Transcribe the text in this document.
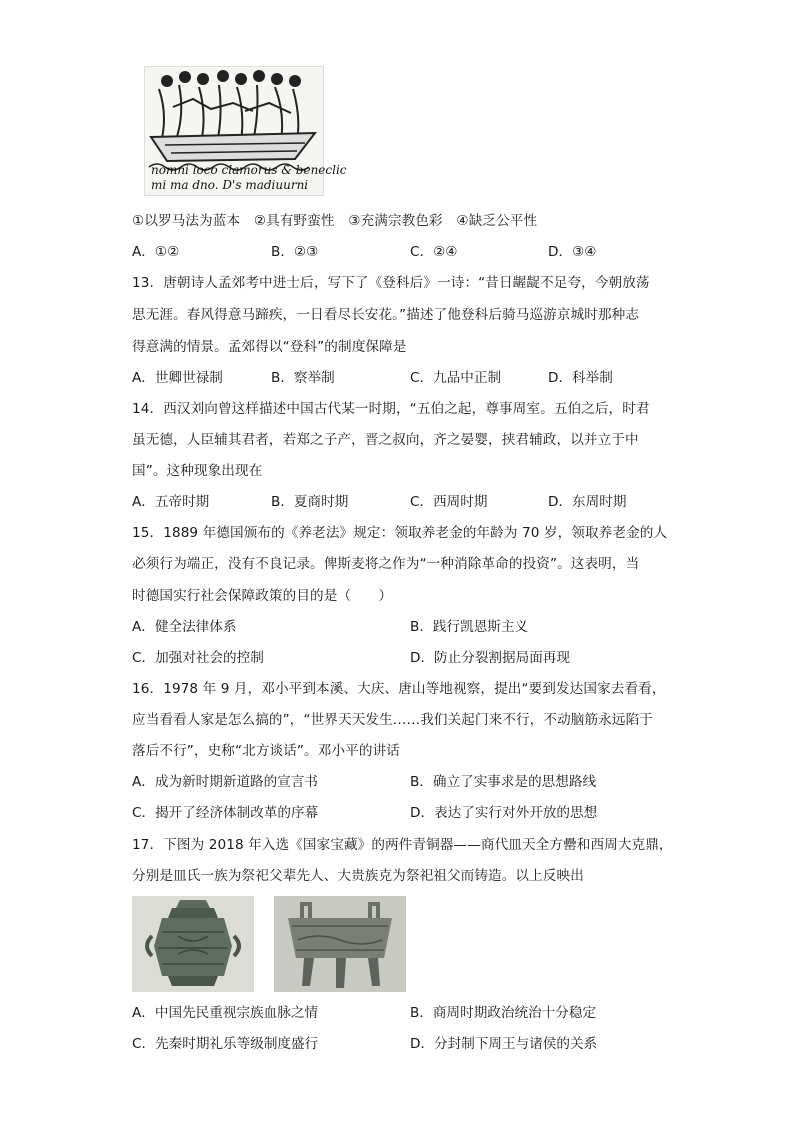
nomni loco clamorus & beneclic
mi ma dno. D's madiuurni
①以罗马法为蓝本　②具有野蛮性　③充满宗教色彩　④缺乏公平性
A．①②	B．②③	C．②④	D．③④
13．唐朝诗人孟郊考中进士后，写下了《登科后》一诗：“昔日龌龊不足夸，今朝放荡
思无涯。春风得意马蹄疾，一日看尽长安花。”描述了他登科后骑马巡游京城时那种志
得意满的情景。孟郊得以“登科”的制度保障是
A．世卿世禄制	B．察举制	C．九品中正制	D．科举制
14．西汉刘向曾这样描述中国古代某一时期，“五伯之起，尊事周室。五伯之后，时君
虽无德，人臣辅其君者，若郑之子产，晋之叔向，齐之晏婴，挟君辅政，以并立于中
国”。这种现象出现在
A．五帝时期	B．夏商时期	C．西周时期	D．东周时期
15．1889 年德国颁布的《养老法》规定：领取养老金的年龄为 70 岁，领取养老金的人
必须行为端正，没有不良记录。俾斯麦将之作为“一种消除革命的投资”。这表明，当
时德国实行社会保障政策的目的是（　　）
A．健全法律体系	B．践行凯恩斯主义
C．加强对社会的控制	D．防止分裂割据局面再现
16．1978 年 9 月，邓小平到本溪、大庆、唐山等地视察，提出“要到发达国家去看看，
应当看看人家是怎么搞的”，“世界天天发生……我们关起门来不行，不动脑筋永远陷于
落后不行”，史称“北方谈话”。邓小平的讲话
A．成为新时期新道路的宣言书	B．确立了实事求是的思想路线
C．揭开了经济体制改革的序幕	D．表达了实行对外开放的思想
17．下图为 2018 年入选《国家宝藏》的两件青铜器——商代皿天全方罍和西周大克鼎，
分别是皿氏一族为祭祀父辈先人、大贵族克为祭祀祖父而铸造。以上反映出
A．中国先民重视宗族血脉之情	B．商周时期政治统治十分稳定
C．先秦时期礼乐等级制度盛行	D．分封制下周王与诸侯的关系
